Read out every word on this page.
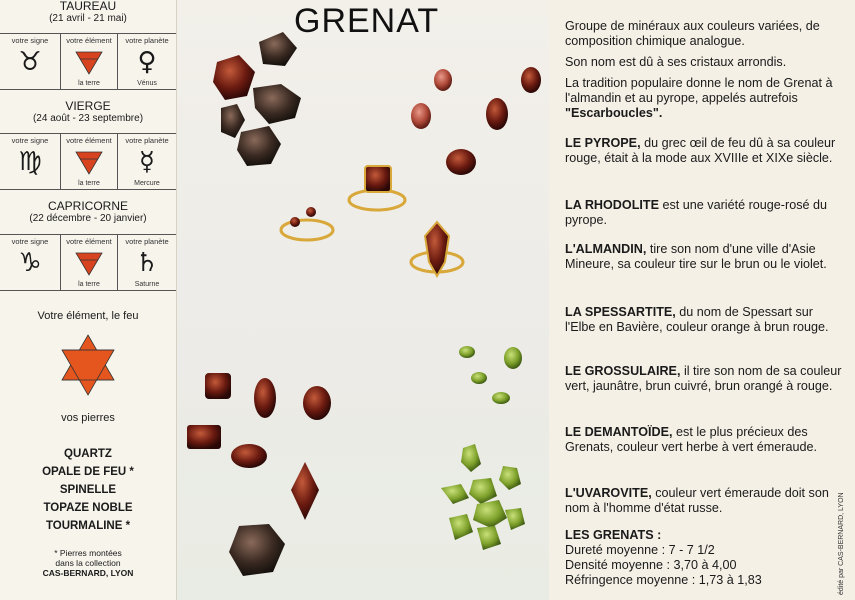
TAUREAU
(21 avril - 21 mai)
votre signe
♉
votre élément
la terre
votre planète
♀
Vénus
VIERGE
(24 août - 23 septembre)
votre signe
♍
votre élément
la terre
votre planète
☿
Mercure
CAPRICORNE
(22 décembre - 20 janvier)
votre signe
♑
votre élément
la terre
votre planète
♄
Saturne
Votre élément, le feu
vos pierres
QUARTZ
OPALE DE FEU *
SPINELLE
TOPAZE NOBLE
TOURMALINE *
* Pierres montées
dans la collection
CAS-BERNARD, LYON
GRENAT	Groupe de minéraux aux couleurs variées, de composition chimique analogue.
Son nom est dû à ses cristaux arrondis.
La tradition populaire donne le nom de Grenat à l'almandin et au pyrope, appelés autrefois "Escarboucles".
LE PYROPE, du grec œil de feu dû à sa couleur rouge, était à la mode aux XVIIIe et XIXe siècle.
LA RHODOLITE est une variété rouge-rosé du pyrope.
L'ALMANDIN, tire son nom d'une ville d'Asie Mineure, sa couleur tire sur le brun ou le violet.
LA SPESSARTITE, du nom de Spessart sur l'Elbe en Bavière, couleur orange à brun rouge.
LE GROSSULAIRE, il tire son nom de sa couleur vert, jaunâtre, brun cuivré, brun orangé à rouge.
LE DEMANTOÏDE, est le plus précieux des Grenats, couleur vert herbe à vert émeraude.
L'UVAROVITE, couleur vert émeraude doit son nom à l'homme d'état russe.
LES GRENATS :
Dureté moyenne : 7 - 7 1/2
Densité moyenne : 3,70 à 4,00
Réfringence moyenne : 1,73 à 1,83	édité par CAS-BERNARD, LYON
